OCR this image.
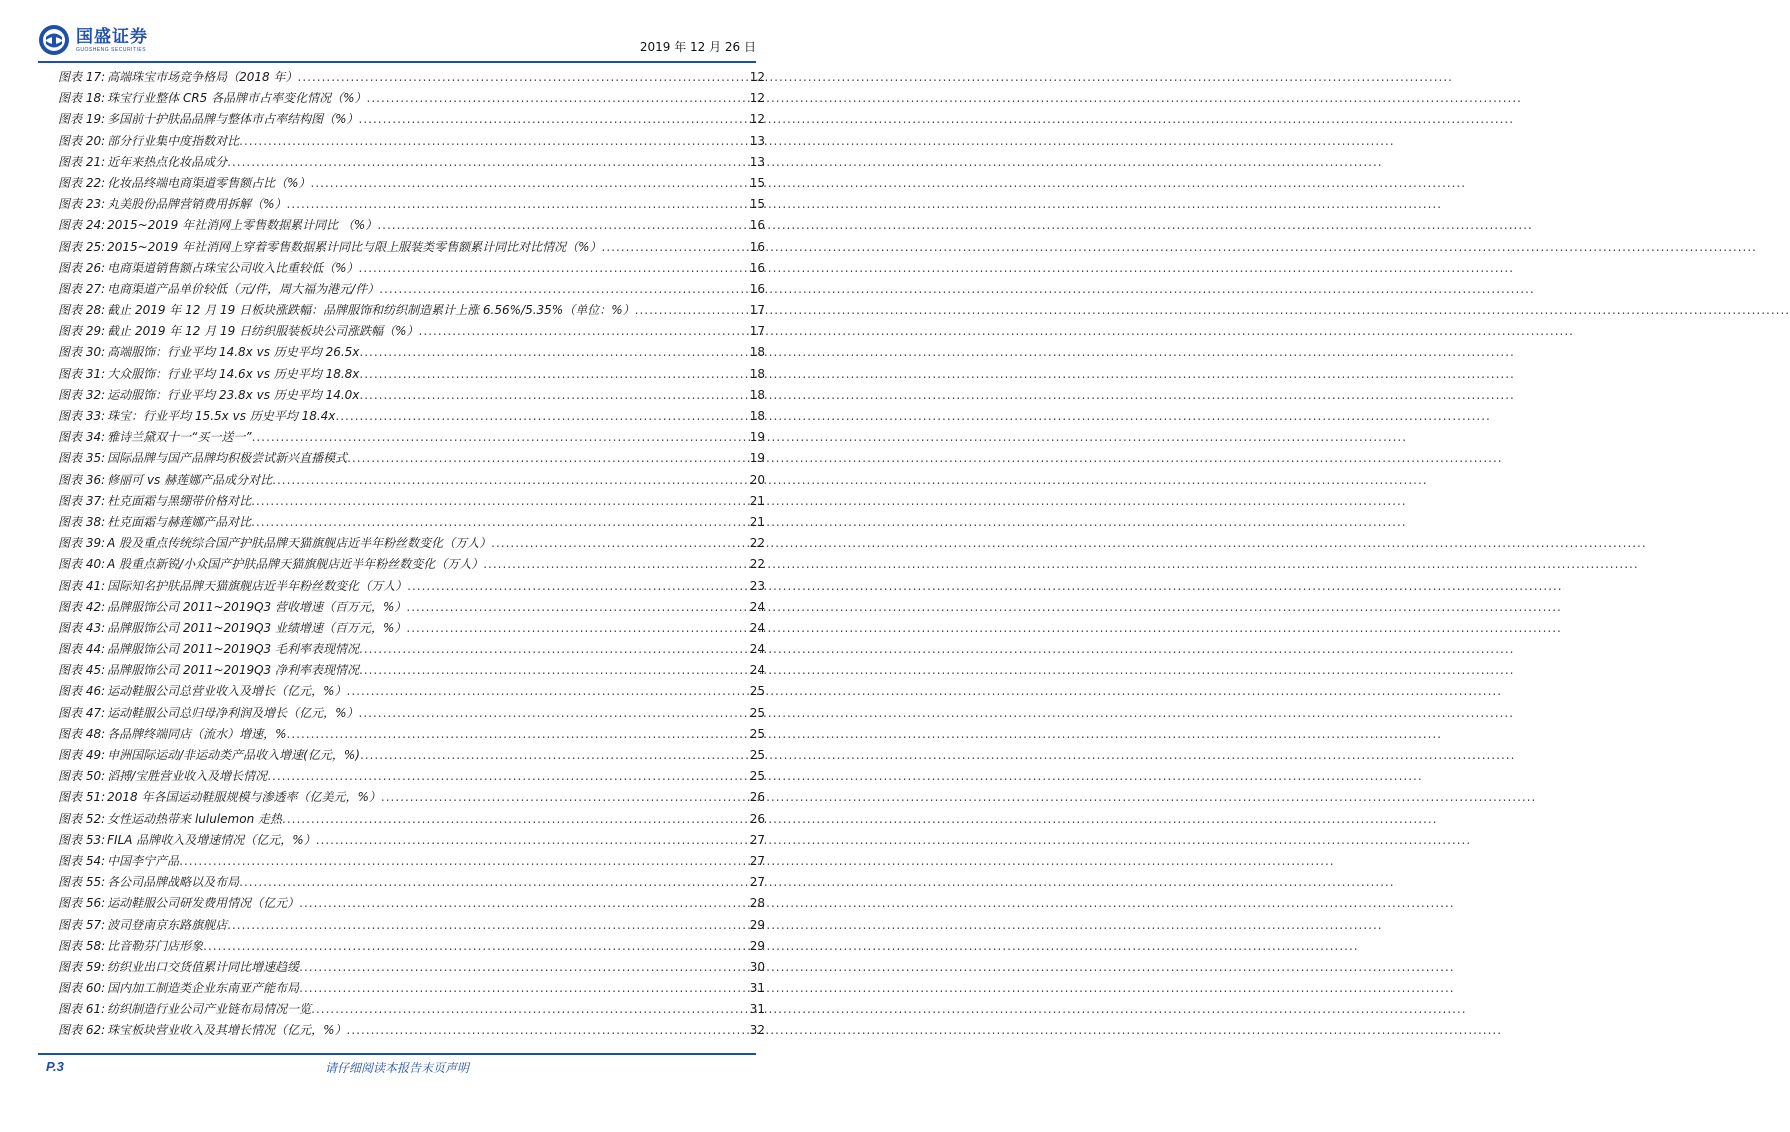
国盛证券
GUOSHENG SECURITIES	2019 年 12 月 26 日
图表 17: 高端珠宝市场竞争格局（2018 年） .....	12
图表 18: 珠宝行业整体 CR5 各品牌市占率变化情况（%） .....	12
图表 19: 多国前十护肤品品牌与整体市占率结构图（%） .....	12
图表 20: 部分行业集中度指数对比 .....	13
图表 21: 近年来热点化妆品成分 .....	13
图表 22: 化妆品终端电商渠道零售额占比（%） .....	15
图表 23: 丸美股份品牌营销费用拆解（%） .....	15
图表 24: 2015~2019 年社消网上零售数据累计同比 （%） .....	16
图表 25: 2015~2019 年社消网上穿着零售数据累计同比与限上服装类零售额累计同比对比情况（%） .....	16
图表 26: 电商渠道销售额占珠宝公司收入比重较低（%） .....	16
图表 27: 电商渠道产品单价较低（元/件，周大福为港元/件） .....	16
图表 28: 截止 2019 年 12 月 19 日板块涨跌幅：品牌服饰和纺织制造累计上涨 6.56%/5.35%（单位：%） .....	17
图表 29: 截止 2019 年 12 月 19 日纺织服装板块公司涨跌幅（%） .....	17
图表 30: 高端服饰：行业平均 14.8x vs 历史平均 26.5x .....	18
图表 31: 大众服饰：行业平均 14.6x vs 历史平均 18.8x .....	18
图表 32: 运动服饰：行业平均 23.8x vs 历史平均 14.0x .....	18
图表 33: 珠宝：行业平均 15.5x vs 历史平均 18.4x .....	18
图表 34: 雅诗兰黛双十一“买一送一” .....	19
图表 35: 国际品牌与国产品牌均积极尝试新兴直播模式 .....	19
图表 36: 修丽可 vs 赫莲娜产品成分对比 .....	20
图表 37: 杜克面霜与黑绷带价格对比 .....	21
图表 38: 杜克面霜与赫莲娜产品对比 .....	21
图表 39: A 股及重点传统综合国产护肤品牌天猫旗舰店近半年粉丝数变化（万人） .....	22
图表 40: A 股重点新锐/小众国产护肤品牌天猫旗舰店近半年粉丝数变化（万人） .....	22
图表 41: 国际知名护肤品牌天猫旗舰店近半年粉丝数变化（万人） .....	23
图表 42: 品牌服饰公司 2011~2019Q3 营收增速（百万元，%） .....	24
图表 43: 品牌服饰公司 2011~2019Q3 业绩增速（百万元，%） .....	24
图表 44: 品牌服饰公司 2011~2019Q3 毛利率表现情况 .....	24
图表 45: 品牌服饰公司 2011~2019Q3 净利率表现情况 .....	24
图表 46: 运动鞋服公司总营业收入及增长（亿元，%） .....	25
图表 47: 运动鞋服公司总归母净利润及增长（亿元，%） .....	25
图表 48: 各品牌终端同店（流水）增速，% .....	25
图表 49: 申洲国际运动/非运动类产品收入增速(亿元，%) .....	25
图表 50: 滔搏/宝胜营业收入及增长情况 .....	25
图表 51: 2018 年各国运动鞋服规模与渗透率（亿美元，%） .....	26
图表 52: 女性运动热带来 lululemon 走热 .....	26
图表 53: FILA 品牌收入及增速情况（亿元，%） .....	27
图表 54: 中国李宁产品 .....	27
图表 55: 各公司品牌战略以及布局 .....	27
图表 56: 运动鞋服公司研发费用情况（亿元） .....	28
图表 57: 波司登南京东路旗舰店 .....	29
图表 58: 比音勒芬门店形象 .....	29
图表 59: 纺织业出口交货值累计同比增速趋缓 .....	30
图表 60: 国内加工制造类企业东南亚产能布局 .....	31
图表 61: 纺织制造行业公司产业链布局情况一览 .....	31
图表 62: 珠宝板块营业收入及其增长情况（亿元，%） .....	32
P.3	请仔细阅读本报告末页声明
